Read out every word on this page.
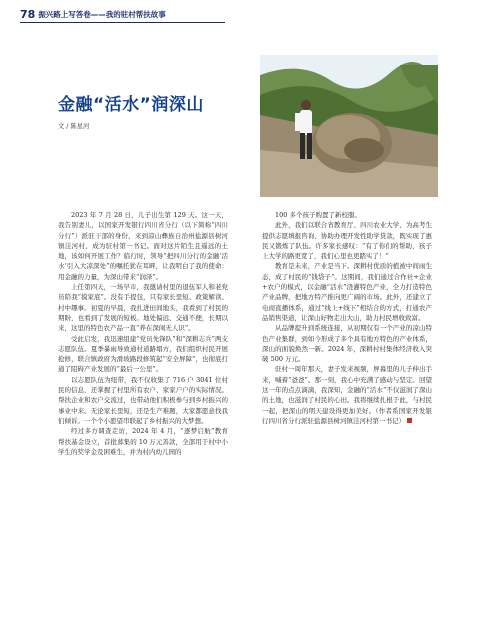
78 振兴路上写答卷——我的驻村帮扶故事
金融“活水”润深山
文 / 陈星河

2023 年 7 月 28 日，儿子出生第 129 天。这一天，我告别妻儿，以国家开发银行四川省分行（以下简称“四川分行”）派驻干部的身份，来到凉山彝族自治州盐源县树河镇洼河村，成为驻村第一书记。面对这片陌生且遥远的土地，该如何开展工作？临行时，领导“把四川分行的金融‘活水’引入大凉深处”的嘱托犹在耳畔，让我明白了我的使命：用金融的力量，为深山带来“润泽”。

上任第四天，一场早市，我邀请村里的退伍军人和老党员陪我“摸家底”。没有手提包，只有家长里短、政策解读、村中趣事。初夏的早晨，我扎进田间地头，我看到了村民的期盼，也看到了发展的短板。地处偏远、交通不便，长期以来，这里的特色农产品一直“养在深闺无人识”。

受此启发，我迅速组建“党员先锋队”和“深耕志兵”两支志愿队伍。夏季暴雨导致通村道路塌方，我们组织村民开展抢修，联合镇政府为滑坡路段修筑起“安全屏障”，也彻底打通了阻碍产业发展的“最后一公里”。

以志愿队伍为纽带，我不仅收集了 716 户 3041 位村民的信息，还掌握了村里所有农户、家家户户的实际情况。帮扶企业和农户交流过，也带动他们积极参与到乡村振兴的事业中来。无论家长里短，还是生产难题，大家都愿意找我们倾诉。一个个小愿望串联起了乡村振兴的大梦想。

经过多方调查走访，2024 年 4 月，“逐梦启航”教育帮扶基金设立，首批募集的 10 万元善款，全部用于村中小学生的奖学金及困难生，并为村内幼儿园的

100 多个孩子购置了新校服。

此外，我们以联合省教育厅、四川农业大学、为高考生提供志愿填报咨询、协助办理开发性助学贷款，既实现了惠民又锻炼了队伍。许多家长感叹：“有了你们的帮助，孩子上大学的路更宽了，我们心里也更踏实了！”

教育是未来，产业是当下。深耕村优质的植被中间雨生态，成了村民的“钱袋子”。这期间，我们通过合作社+企业+农户的模式，以金融“活水”浇灌特色产业，全力打造特色产业品牌，把地方特产推向更广阔的市场。此外，还建立了电商直播体系，通过“线上+线下”相结合的方式，打通农产品销售渠道，让深山好物走出大山，助力村民增收致富。

从品牌提升到系统连接，从初期仅有一个产业的凉山特色产业集群，到如今形成了多个具有地方特色的产业体系，深山的面貌焕然一新。2024 年，深耕村村集体经济收入突破 500 万元。

驻村一周年那天，妻子发来视频，屏幕里的儿子伸出手来，喊着“爸爸”。那一刻，我心中充满了感动与坚定。回望这一年的点点滴滴，我深知，金融的“活水”不仅滋润了深山的土地，也滋润了村民的心田。我将继续扎根于此，与村民一起，把深山的明天建设得更加美好。（作者系国家开发银行四川省分行派驻盐源县树河镇洼河村第一书记）
